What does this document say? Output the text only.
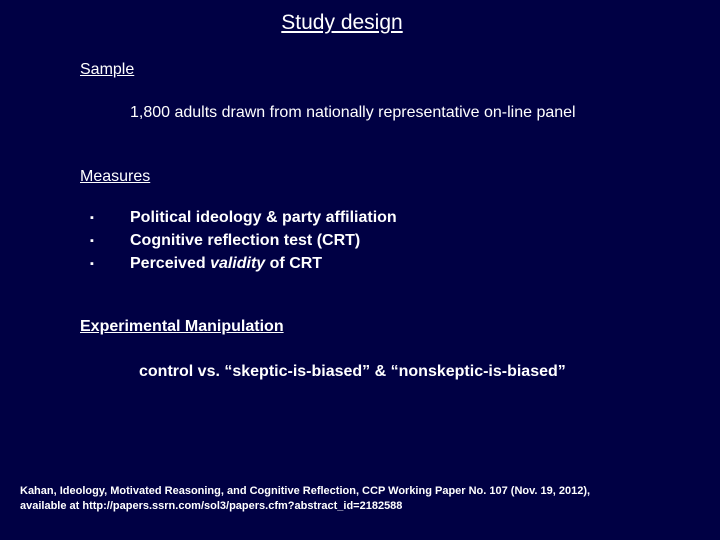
Study design
Sample
1,800 adults drawn from nationally representative on-line panel
Measures
▪	Political ideology & party affiliation
▪	Cognitive reflection test (CRT)
▪	Perceived validity of CRT
Experimental Manipulation
control vs. “skeptic-is-biased” & “nonskeptic-is-biased”
Kahan, Ideology, Motivated Reasoning, and Cognitive Reflection, CCP Working Paper No. 107 (Nov. 19, 2012),
available at http://papers.ssrn.com/sol3/papers.cfm?abstract_id=2182588
